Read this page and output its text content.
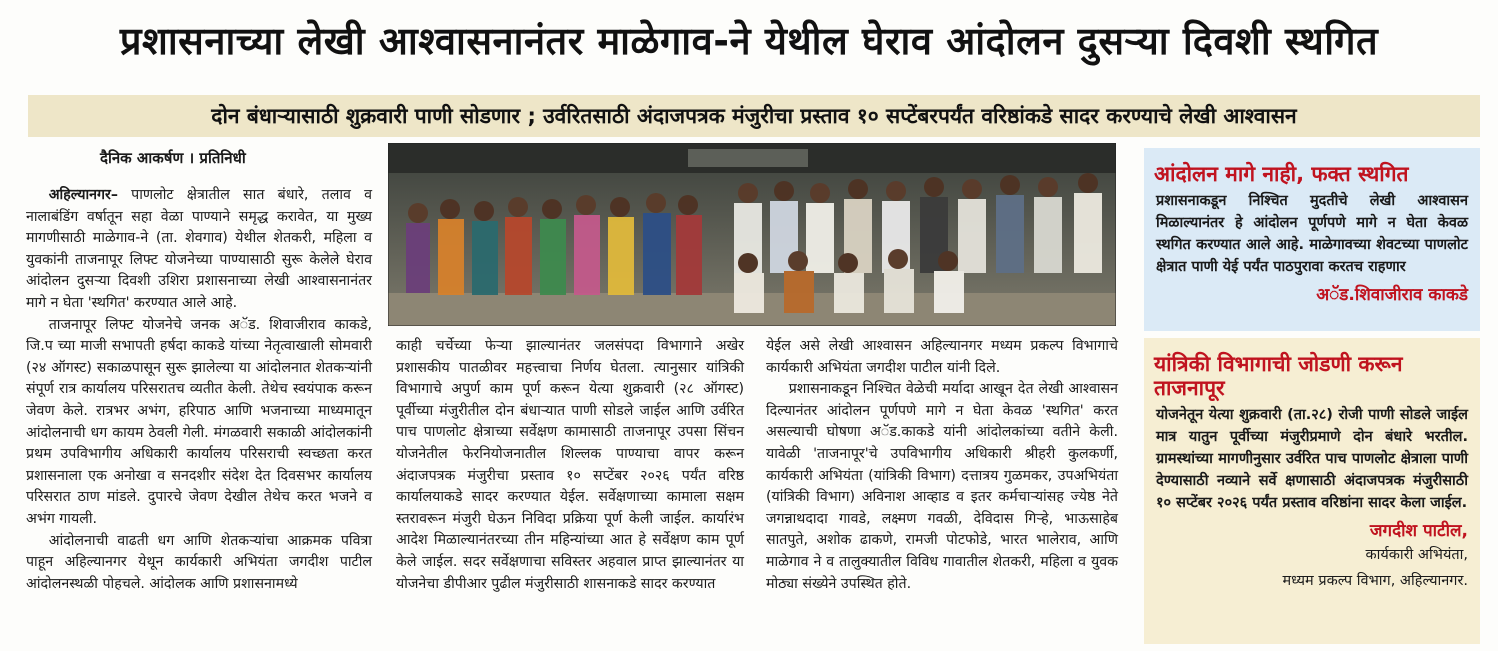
प्रशासनाच्या लेखी आश्वासनानंतर माळेगाव-ने येथील घेराव आंदोलन दुसऱ्या दिवशी स्थगित
दोन बंधाऱ्यासाठी शुक्रवारी पाणी सोडणार ; उर्वरितसाठी अंदाजपत्रक मंजुरीचा प्रस्ताव १० सप्टेंबरपर्यंत वरिष्ठांकडे सादर करण्याचे लेखी आश्वासन
दैनिक आकर्षण । प्रतिनिधी

अहिल्यानगर– पाणलोट क्षेत्रातील सात बंधारे, तलाव व नालाबंडिंग वर्षातून सहा वेळा पाण्याने समृद्ध करावेत, या मुख्य मागणीसाठी माळेगाव-ने (ता. शेवगाव) येथील शेतकरी, महिला व युवकांनी ताजनापूर लिफ्ट योजनेच्या पाण्यासाठी सुरू केलेले घेराव आंदोलन दुसऱ्या दिवशी उशिरा प्रशासनाच्या लेखी आश्वासनानंतर मागे न घेता 'स्थगित' करण्यात आले आहे.

ताजनापूर लिफ्ट योजनेचे जनक अॅड. शिवाजीराव काकडे, जि.प च्या माजी सभापती हर्षदा काकडे यांच्या नेतृत्वाखाली सोमवारी (२४ ऑगस्ट) सकाळपासून सुरू झालेल्या या आंदोलनात शेतकऱ्यांनी संपूर्ण रात्र कार्यालय परिसरातच व्यतीत केली. तेथेच स्वयंपाक करून जेवण केले. रात्रभर अभंग, हरिपाठ आणि भजनाच्या माध्यमातून आंदोलनाची धग कायम ठेवली गेली. मंगळवारी सकाळी आंदोलकांनी प्रथम उपविभागीय अधिकारी कार्यालय परिसराची स्वच्छता करत प्रशासनाला एक अनोखा व सनदशीर संदेश देत दिवसभर कार्यालय परिसरात ठाण मांडले. दुपारचे जेवण देखील तेथेच करत भजने व अभंग गायली.

आंदोलनाची वाढती धग आणि शेतकऱ्यांचा आक्रमक पवित्रा पाहून अहिल्यानगर येथून कार्यकारी अभियंता जगदीश पाटील आंदोलनस्थळी पोहचले. आंदोलक आणि प्रशासनामध्ये

काही चर्चेच्या फेऱ्या झाल्यानंतर जलसंपदा विभागाने अखेर प्रशासकीय पातळीवर महत्त्वाचा निर्णय घेतला. त्यानुसार यांत्रिकी विभागाचे अपुर्ण काम पूर्ण करून येत्या शुक्रवारी (२८ ऑगस्ट) पूर्वीच्या मंजुरीतील दोन बंधाऱ्यात पाणी सोडले जाईल आणि उर्वरित पाच पाणलोट क्षेत्राच्या सर्वेक्षण कामासाठी ताजनापूर उपसा सिंचन योजनेतील फेरनियोजनातील शिल्लक पाण्याचा वापर करून अंदाजपत्रक मंजुरीचा प्रस्ताव १० सप्टेंबर २०२६ पर्यंत वरिष्ठ कार्यालयाकडे सादर करण्यात येईल. सर्वेक्षणाच्या कामाला सक्षम स्तरावरून मंजुरी घेऊन निविदा प्रक्रिया पूर्ण केली जाईल. कार्यारंभ आदेश मिळाल्यानंतरच्या तीन महिन्यांच्या आत हे सर्वेक्षण काम पूर्ण केले जाईल. सदर सर्वेक्षणाचा सविस्तर अहवाल प्राप्त झाल्यानंतर या योजनेचा डीपीआर पुढील मंजुरीसाठी शासनाकडे सादर करण्यात

येईल असे लेखी आश्वासन अहिल्यानगर मध्यम प्रकल्प विभागाचे कार्यकारी अभियंता जगदीश पाटील यांनी दिले.

प्रशासनाकडून निश्चित वेळेची मर्यादा आखून देत लेखी आश्वासन दिल्यानंतर आंदोलन पूर्णपणे मागे न घेता केवळ 'स्थगित' करत असल्याची घोषणा अॅड.काकडे यांनी आंदोलकांच्या वतीने केली. यावेळी 'ताजनापूर'चे उपविभागीय अधिकारी श्रीहरी कुलकर्णी, कार्यकारी अभियंता (यांत्रिकी विभाग) दत्तात्रय गुळमकर, उपअभियंता (यांत्रिकी विभाग) अविनाश आव्हाड व इतर कर्मचाऱ्यांसह ज्येष्ठ नेते जगन्नाथदादा गावडे, लक्ष्मण गवळी, देविदास गिऱ्हे, भाऊसाहेब सातपुते, अशोक ढाकणे, रामजी पोटफोडे, भारत भालेराव, आणि माळेगाव ने व तालुक्यातील विविध गावातील शेतकरी, महिला व युवक मोठ्या संख्येने उपस्थित होते.

आंदोलन मागे नाही, फक्त स्थगित
प्रशासनाकडून निश्चित मुदतीचे लेखी आश्वासन मिळाल्यानंतर हे आंदोलन पूर्णपणे मागे न घेता केवळ स्थगित करण्यात आले आहे. माळेगावच्या शेवटच्या पाणलोट क्षेत्रात पाणी येई पर्यंत पाठपुरावा करतच राहणार
अॅड.शिवाजीराव काकडे
यांत्रिकी विभागाची जोडणी करून ताजनापूर
योजनेतून येत्या शुक्रवारी (ता.२८) रोजी पाणी सोडले जाईल मात्र यातुन पूर्वीच्या मंजुरीप्रमाणे दोन बंधारे भरतील. ग्रामस्थांच्या मागणीनुसार उर्वरित पाच पाणलोट क्षेत्राला पाणी देण्यासाठी नव्याने सर्वे क्षणासाठी अंदाजपत्रक मंजुरीसाठी १० सप्टेंबर २०२६ पर्यंत प्रस्ताव वरिष्ठांना सादर केला जाईल.
जगदीश पाटील,
कार्यकारी अभियंता,
मध्यम प्रकल्प विभाग, अहिल्यानगर.
